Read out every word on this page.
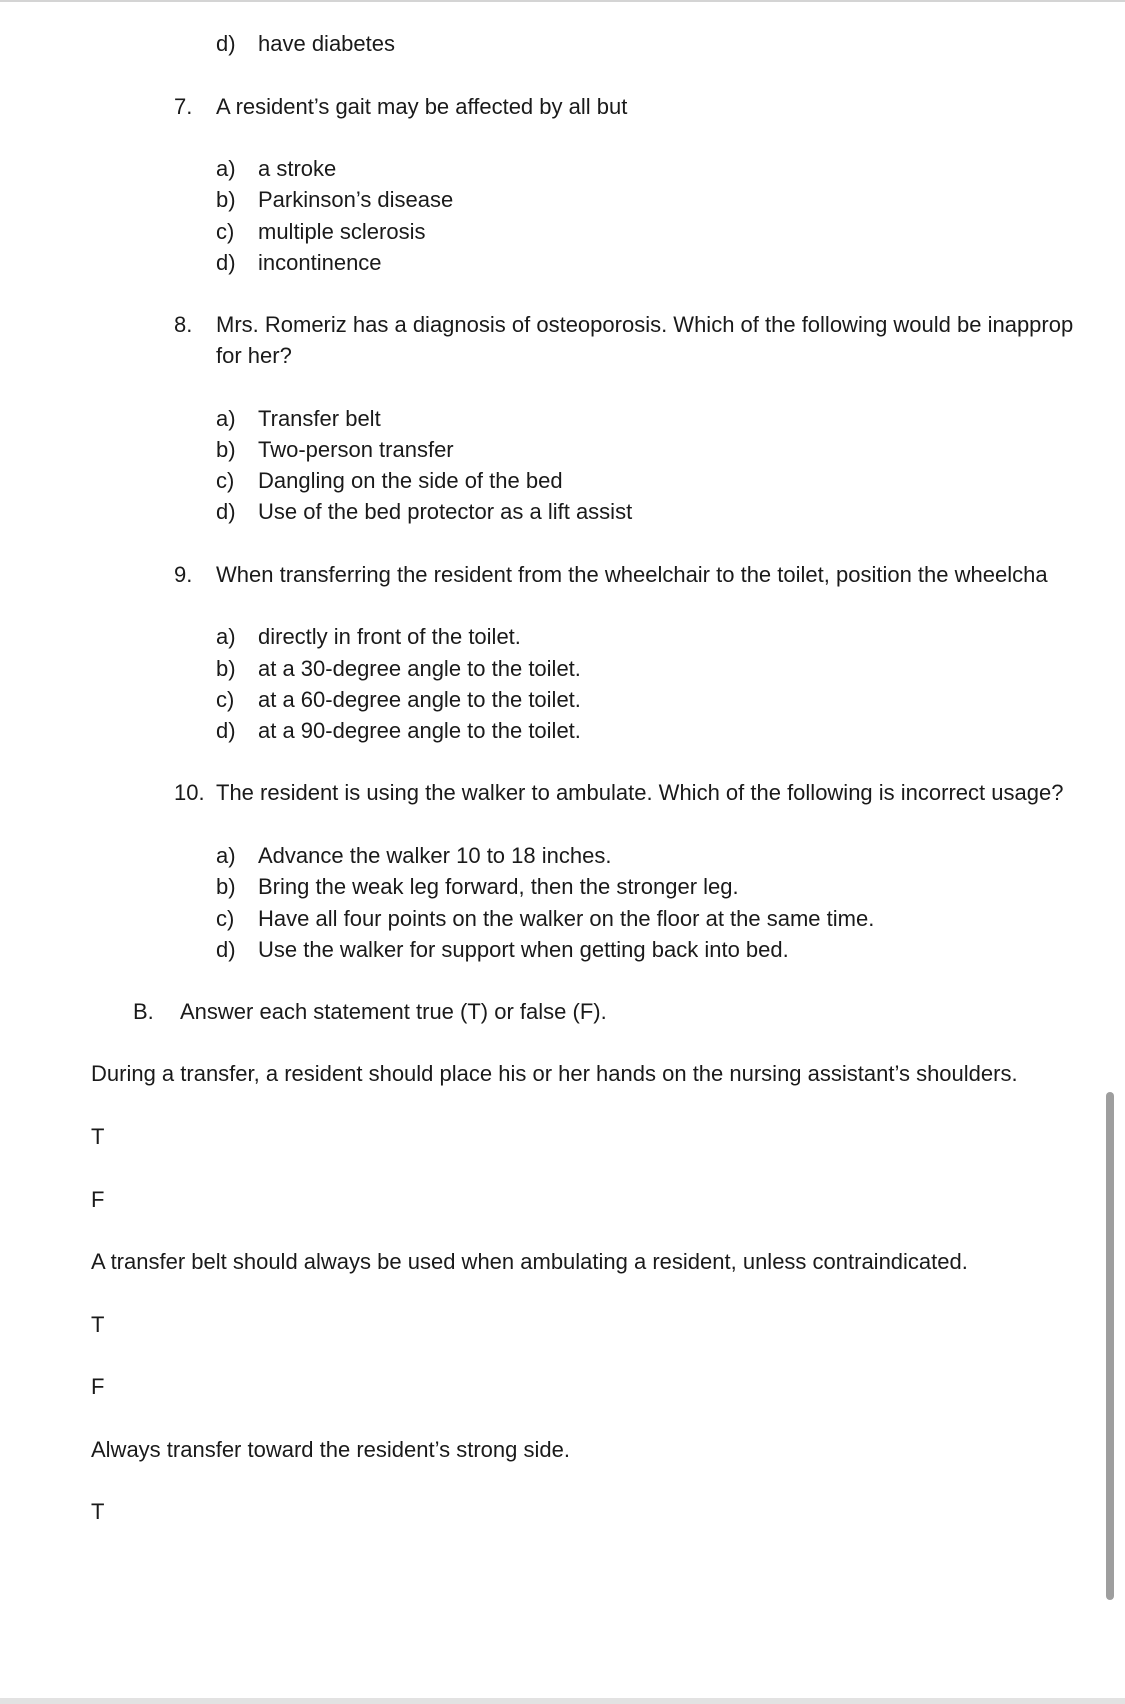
d) have diabetes
7. A resident’s gait may be affected by all but
a) a stroke
b) Parkinson’s disease
c) multiple sclerosis
d) incontinence
8. Mrs. Romeriz has a diagnosis of osteoporosis. Which of the following would be inapprop
for her?
a) Transfer belt
b) Two-person transfer
c) Dangling on the side of the bed
d) Use of the bed protector as a lift assist
9. When transferring the resident from the wheelchair to the toilet, position the wheelcha
a) directly in front of the toilet.
b) at a 30-degree angle to the toilet.
c) at a 60-degree angle to the toilet.
d) at a 90-degree angle to the toilet.
10. The resident is using the walker to ambulate. Which of the following is incorrect usage?
a) Advance the walker 10 to 18 inches.
b) Bring the weak leg forward, then the stronger leg.
c) Have all four points on the walker on the floor at the same time.
d) Use the walker for support when getting back into bed.
B. Answer each statement true (T) or false (F).
During a transfer, a resident should place his or her hands on the nursing assistant’s shoulders.
T
F
A transfer belt should always be used when ambulating a resident, unless contraindicated.
T
F
Always transfer toward the resident’s strong side.
T
